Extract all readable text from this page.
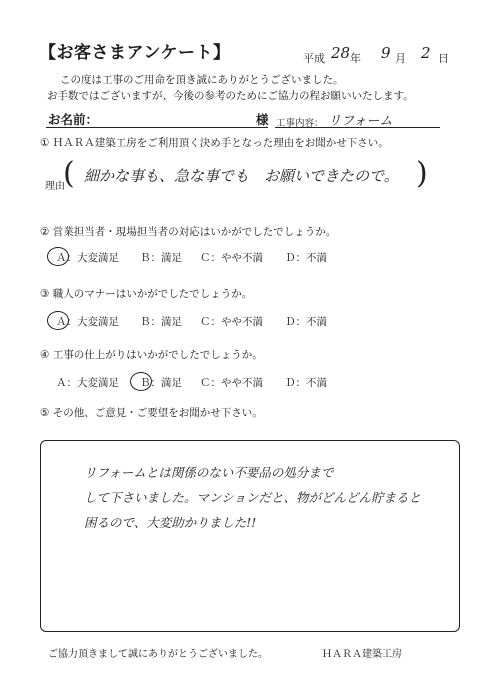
【お客さまアンケート】	平成 28 年 9 月 2 日
この度は工事のご用命を頂き誠にありがとうございました。
お手数ではございますが、今後の参考のためにご協力の程お願いいたします。
お名前：	様 工事内容： リフォーム
① ＨＡＲＡ建築工房をご利用頂く決め手となった理由をお聞かせ下さい。
理由
(	)
細かな事も、急な事でも　お願いできたので。
② 営業担当者・現場担当者の対応はいかがでしたでしょうか。
Ａ：大変満足 Ｂ：満足 Ｃ：やや不満 Ｄ：不満
③ 職人のマナーはいかがでしたでしょうか。
Ａ：大変満足 Ｂ：満足 Ｃ：やや不満 Ｄ：不満
④ 工事の仕上がりはいかがでしたでしょうか。
Ａ：大変満足 Ｂ：満足 Ｃ：やや不満 Ｄ：不満
⑤ その他、ご意見・ご要望をお聞かせ下さい。
リフォームとは関係のない不要品の処分まで
して下さいました。マンションだと、物がどんどん貯まると
困るので、大変助かりました!!
ご協力頂きまして誠にありがとうございました。	ＨＡＲＡ建築工房
